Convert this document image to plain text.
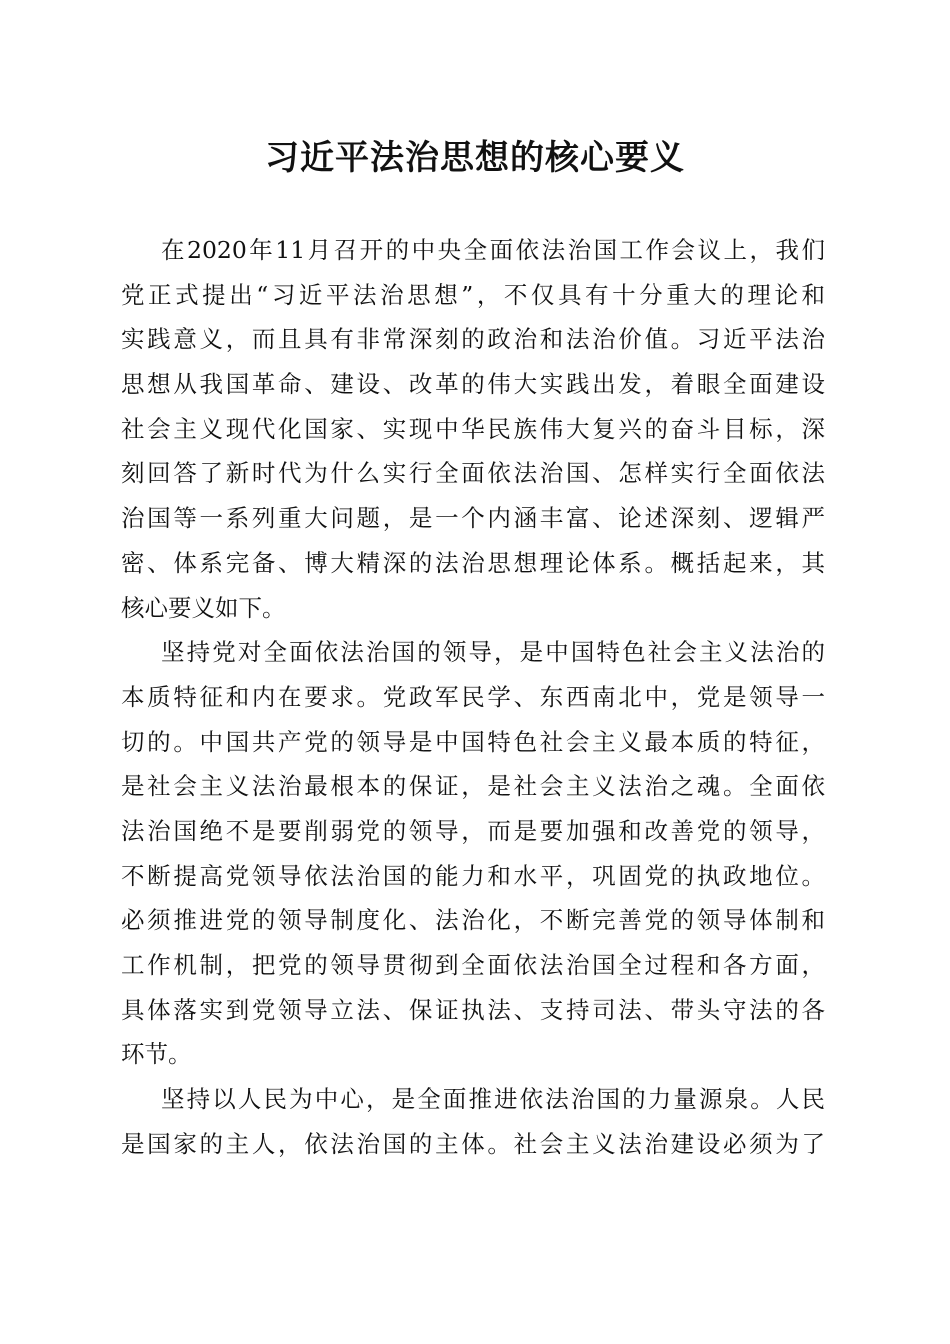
习近平法治思想的核心要义
在2020年11月召开的中央全面依法治国工作会议上，我们
党正式提出“习近平法治思想”，不仅具有十分重大的理论和
实践意义，而且具有非常深刻的政治和法治价值。习近平法治
思想从我国革命、建设、改革的伟大实践出发，着眼全面建设
社会主义现代化国家、实现中华民族伟大复兴的奋斗目标，深
刻回答了新时代为什么实行全面依法治国、怎样实行全面依法
治国等一系列重大问题，是一个内涵丰富、论述深刻、逻辑严
密、体系完备、博大精深的法治思想理论体系。概括起来，其
核心要义如下。
坚持党对全面依法治国的领导，是中国特色社会主义法治的
本质特征和内在要求。党政军民学、东西南北中，党是领导一
切的。中国共产党的领导是中国特色社会主义最本质的特征，
是社会主义法治最根本的保证，是社会主义法治之魂。全面依
法治国绝不是要削弱党的领导，而是要加强和改善党的领导，
不断提高党领导依法治国的能力和水平，巩固党的执政地位。
必须推进党的领导制度化、法治化，不断完善党的领导体制和
工作机制，把党的领导贯彻到全面依法治国全过程和各方面，
具体落实到党领导立法、保证执法、支持司法、带头守法的各
环节。
坚持以人民为中心，是全面推进依法治国的力量源泉。人民
是国家的主人，依法治国的主体。社会主义法治建设必须为了
